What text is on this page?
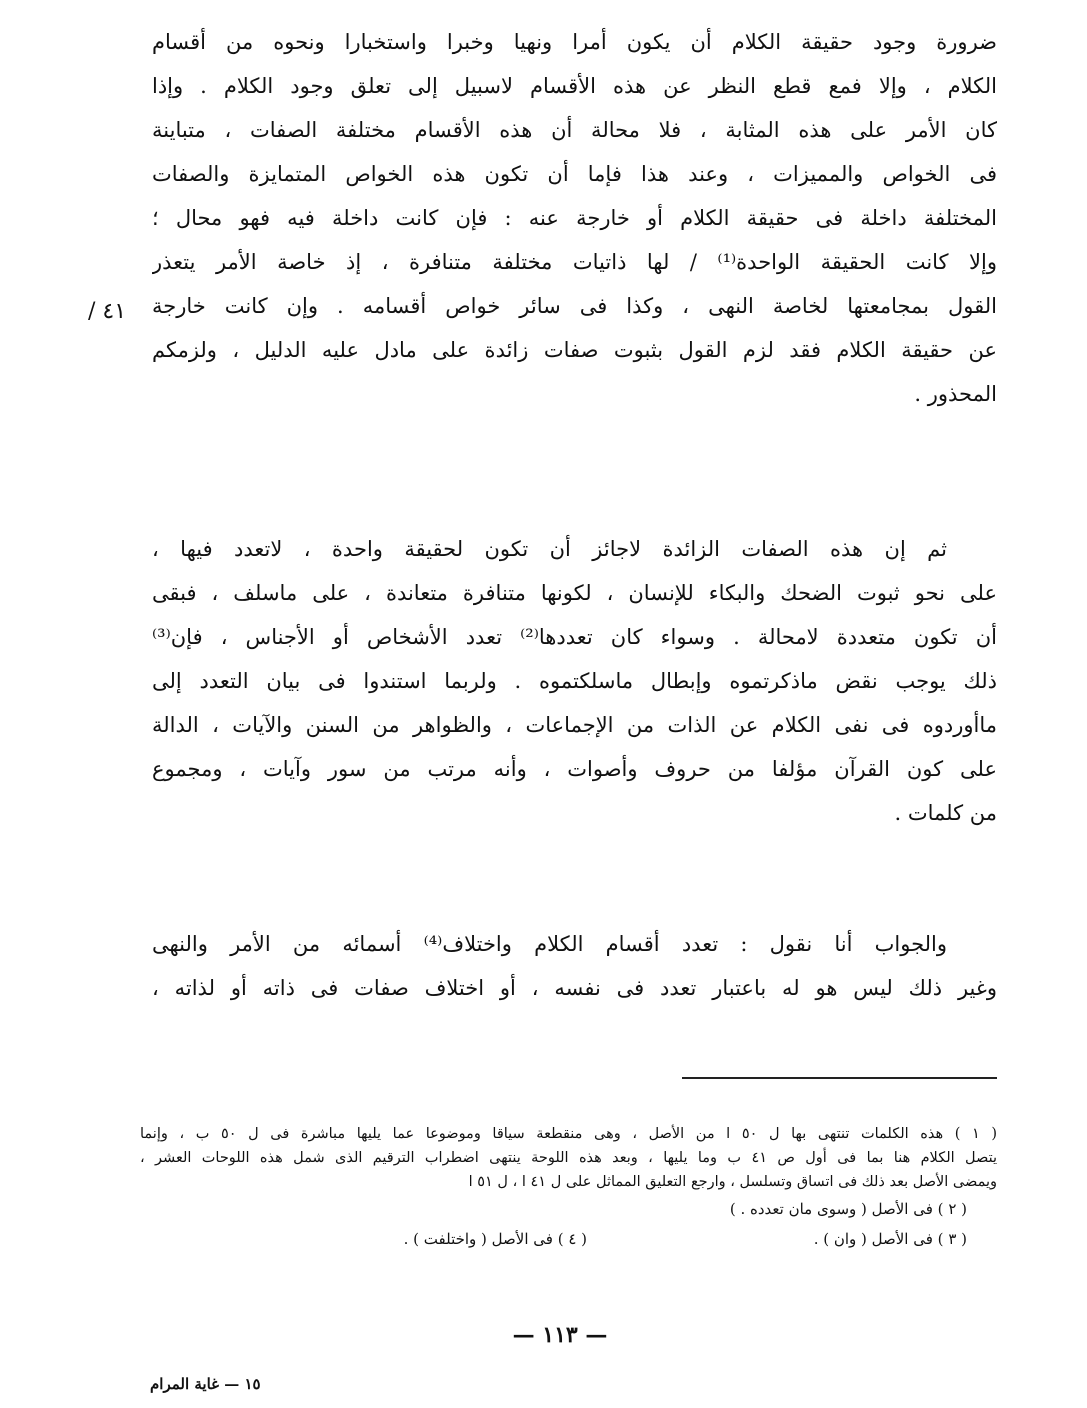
ضرورة وجود حقيقة الكلام أن يكون أمرا ونهيا وخبرا واستخبارا ونحوه من أقسام
الكلام ، وإلا فمع قطع النظر عن هذه الأقسام لاسبيل إلى تعلق وجود الكلام . وإذا
كان الأمر على هذه المثابة ، فلا محالة أن هذه الأقسام مختلفة الصفات ، متباينة
فى الخواص والمميزات ، وعند هذا فإما أن تكون هذه الخواص المتمايزة والصفات
المختلفة داخلة فى حقيقة الكلام أو خارجة عنه : فإن كانت داخلة فيه فهو محال ؛
وإلا كانت الحقيقة الواحدة⁽¹⁾ / لها ذاتيات مختلفة متنافرة ، إذ خاصة الأمر يتعذر
القول بمجامعتها لخاصة النهى ، وكذا فى سائر خواص أقسامه . وإن كانت خارجة
عن حقيقة الكلام فقد لزم القول بثبوت صفات زائدة على مادل عليه الدليل ، ولزمكم
المحذور .
٤١ /
ثم إن هذه الصفات الزائدة لاجائز أن تكون لحقيقة واحدة ، لاتعدد فيها ،
على نحو ثبوت الضحك والبكاء للإنسان ، لكونها متنافرة متعاندة ، على ماسلف ، فبقى
أن تكون متعددة لامحالة . وسواء كان تعددها⁽²⁾ تعدد الأشخاص أو الأجناس ، فإن⁽³⁾
ذلك يوجب نقض ماذكرتموه وإبطال ماسلكتموه . ولربما استندوا فى بيان التعدد إلى
ماأوردوه فى نفى الكلام عن الذات من الإجماعات ، والظواهر من السنن والآيات ، الدالة
على كون القرآن مؤلفا من حروف وأصوات ، وأنه مرتب من سور وآيات ، ومجموع
من كلمات .
والجواب أنا نقول : تعدد أقسام الكلام واختلاف⁽⁴⁾ أسمائه من الأمر والنهى
وغير ذلك ليس هو له باعتبار تعدد فى نفسه ، أو اختلاف صفات فى ذاته أو لذاته ،
( ١ ) هذه الكلمات تنتهى بها ل ٥٠ ا من الأصل ، وهى منقطعة سياقا وموضوعا عما يليها مباشرة فى ل ٥٠ ب ، وإنما
يتصل الكلام هنا بما فى أول ص ٤١ ب وما يليها ، وبعد هذه اللوحة ينتهى اضطراب الترقيم الذى شمل هذه اللوحات العشر ،
ويمضى الأصل بعد ذلك فى اتساق وتسلسل ، وارجع التعليق المماثل على ل ٤١ ا ، ل ٥١ ا
( ٢ ) فى الأصل ( وسوى مان تعدده . )
( ٣ ) فى الأصل ( وان ) .
( ٤ ) فى الأصل ( واختلفت ) .
— ١١٣ —
١٥ — غاية المرام
